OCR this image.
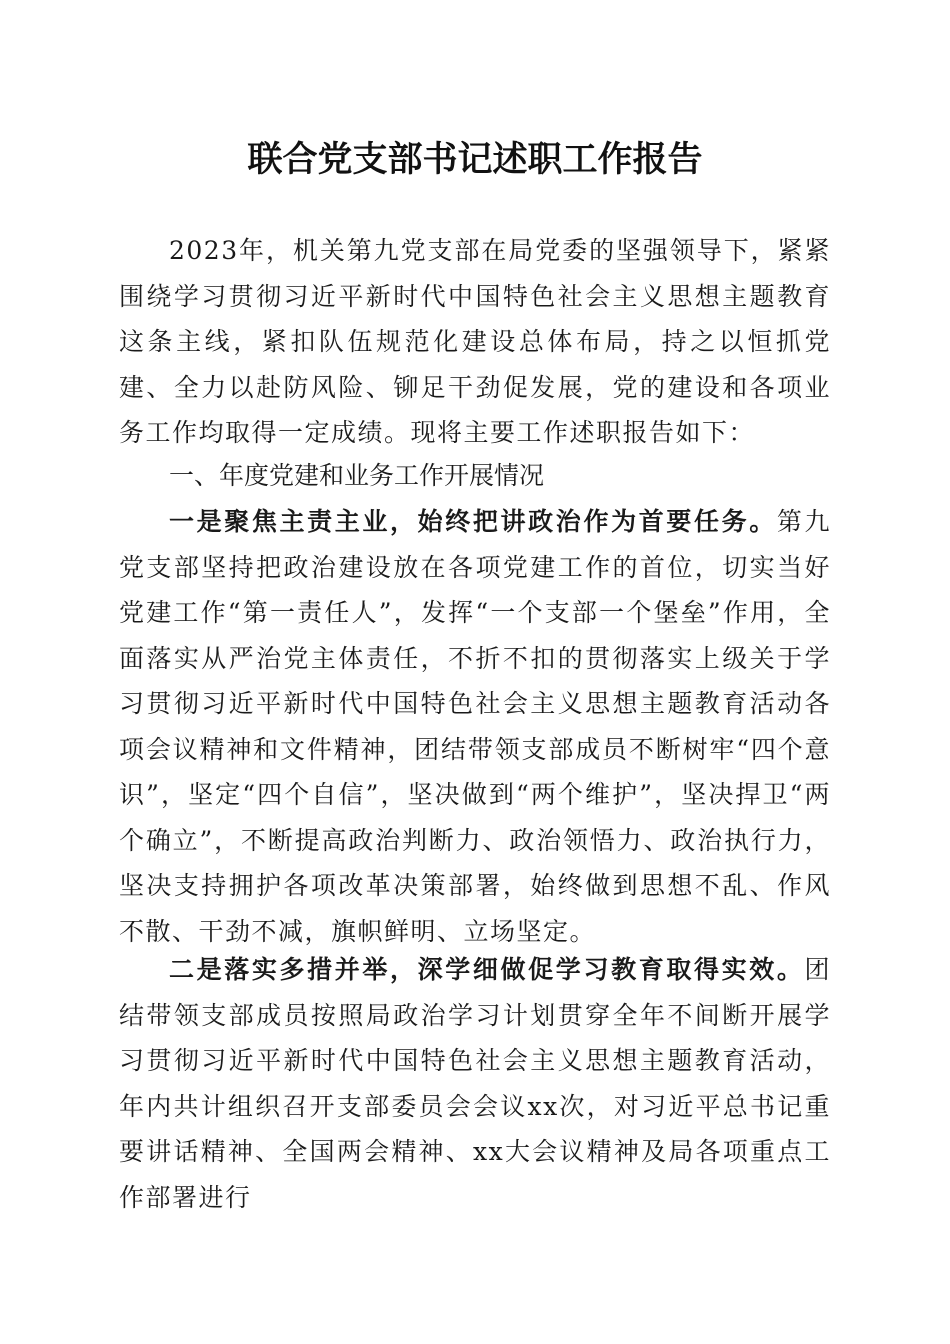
联合党支部书记述职工作报告

2023年，机关第九党支部在局党委的坚强领导下，紧紧围绕学习贯彻习近平新时代中国特色社会主义思想主题教育这条主线，紧扣队伍规范化建设总体布局，持之以恒抓党建、全力以赴防风险、铆足干劲促发展，党的建设和各项业务工作均取得一定成绩。现将主要工作述职报告如下：

一、年度党建和业务工作开展情况

一是聚焦主责主业，始终把讲政治作为首要任务。第九党支部坚持把政治建设放在各项党建工作的首位，切实当好党建工作“第一责任人”，发挥“一个支部一个堡垒”作用，全面落实从严治党主体责任，不折不扣的贯彻落实上级关于学习贯彻习近平新时代中国特色社会主义思想主题教育活动各项会议精神和文件精神，团结带领支部成员不断树牢“四个意识”，坚定“四个自信”，坚决做到“两个维护”，坚决捍卫“两个确立”，不断提高政治判断力、政治领悟力、政治执行力，坚决支持拥护各项改革决策部署，始终做到思想不乱、作风不散、干劲不减，旗帜鲜明、立场坚定。

二是落实多措并举，深学细做促学习教育取得实效。团结带领支部成员按照局政治学习计划贯穿全年不间断开展学习贯彻习近平新时代中国特色社会主义思想主题教育活动，年内共计组织召开支部委员会会议xx次，对习近平总书记重要讲话精神、全国两会精神、xx大会议精神及局各项重点工作部署进行
